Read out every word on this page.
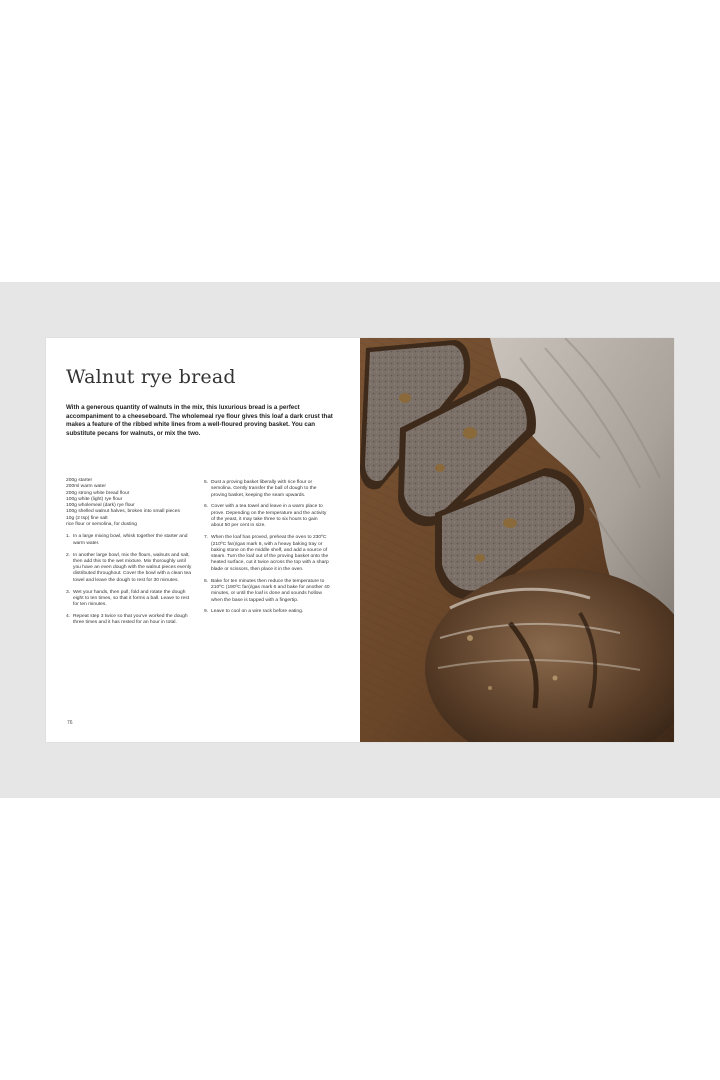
Walnut rye bread

With a generous quantity of walnuts in the mix, this luxurious bread is a perfect accompaniment to a cheeseboard. The wholemeal rye flour gives this loaf a dark crust that makes a feature of the ribbed white lines from a well-floured proving basket. You can substitute pecans for walnuts, or mix the two.

200g starter
200ml warm water
200g strong white bread flour
100g white (light) rye flour
100g wholemeal (dark) rye flour
100g shelled walnut halves, broken into small pieces
10g (2 tsp) fine salt
rice flour or semolina, for dusting
1. In a large mixing bowl, whisk together the starter and warm water.
2. In another large bowl, mix the flours, walnuts and salt, then add this to the wet mixture. Mix thoroughly until you have an even dough with the walnut pieces evenly distributed throughout. Cover the bowl with a clean tea towel and leave the dough to rest for 30 minutes.
3. Wet your hands, then pull, fold and rotate the dough eight to ten times, so that it forms a ball. Leave to rest for ten minutes.
4. Repeat step 3 twice so that you've worked the dough three times and it has rested for an hour in total.
5. Dust a proving basket liberally with rice flour or semolina. Gently transfer the ball of dough to the proving basket, keeping the seam upwards.
6. Cover with a tea towel and leave in a warm place to prove. Depending on the temperature and the activity of the yeast, it may take three to six hours to gain about 50 per cent in size.
7. When the loaf has proved, preheat the oven to 230ºC (210ºC fan)/gas mark 8, with a heavy baking tray or baking stone on the middle shelf, and add a source of steam. Turn the loaf out of the proving basket onto the heated surface, cut it twice across the top with a sharp blade or scissors, then place it in the oven.
8. Bake for ten minutes then reduce the temperature to 210ºC (190ºC fan)/gas mark 6 and bake for another 40 minutes, or until the loaf is done and sounds hollow when the base is tapped with a fingertip.
9. Leave to cool on a wire rack before eating.
76
